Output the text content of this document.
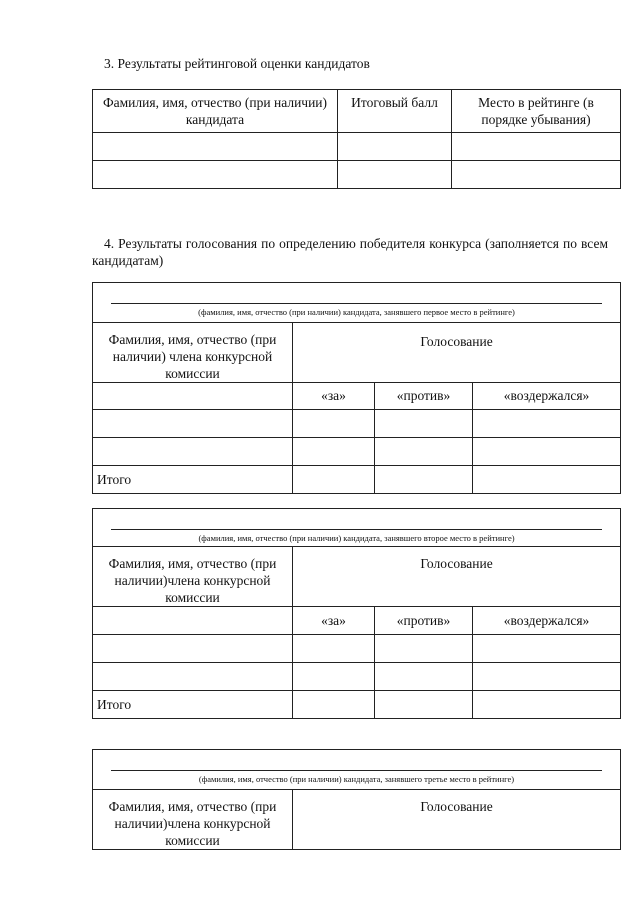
3. Результаты рейтинговой оценки кандидатов
Фамилия, имя, отчество (при наличии) кандидата	Итоговый балл	Место в рейтинге (в порядке убывания)

4. Результаты голосования по определению победителя конкурса (заполняется по всем кандидатам)
(фамилия, имя, отчество (при наличии) кандидата, занявшего первое место в рейтинге)			

Фамилия, имя, отчество (при наличии) члена конкурсной комиссии	Голосование		

	«за»	«против»	«воздержался»

Итого			
(фамилия, имя, отчество (при наличии) кандидата, занявшего второе место в рейтинге)			

Фамилия, имя, отчество (при наличии)члена конкурсной комиссии	Голосование		
	«за»	«против»	«воздержался»

Итого			
(фамилия, имя, отчество (при наличии) кандидата, занявшего третье место в рейтинге)

Фамилия, имя, отчество (при наличии)члена конкурсной комиссии	Голосование
